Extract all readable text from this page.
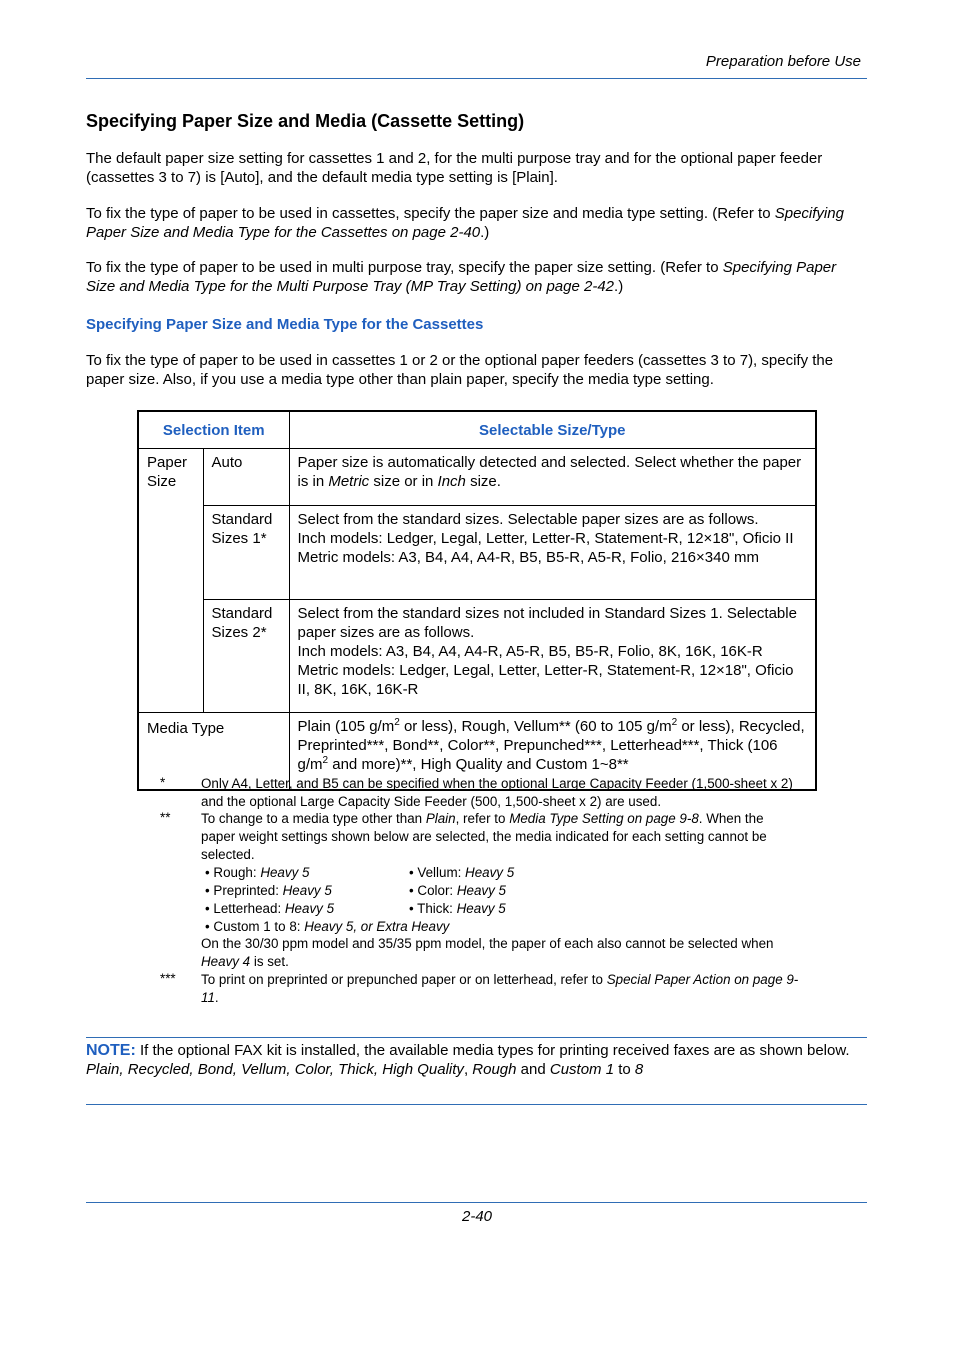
Preparation before Use
Specifying Paper Size and Media (Cassette Setting)
The default paper size setting for cassettes 1 and 2, for the multi purpose tray and for the optional paper feeder (cassettes 3 to 7) is [Auto], and the default media type setting is [Plain].
To fix the type of paper to be used in cassettes, specify the paper size and media type setting. (Refer to Specifying Paper Size and Media Type for the Cassettes on page 2-40.)
To fix the type of paper to be used in multi purpose tray, specify the paper size setting. (Refer to Specifying Paper Size and Media Type for the Multi Purpose Tray (MP Tray Setting) on page 2-42.)
Specifying Paper Size and Media Type for the Cassettes
To fix the type of paper to be used in cassettes 1 or 2 or the optional paper feeders (cassettes 3 to 7), specify the paper size. Also, if you use a media type other than plain paper, specify the media type setting.
Selection Item		Selectable Size/Type
Paper Size	Auto	Paper size is automatically detected and selected. Select whether the paper is in Metric size or in Inch size.
	Standard Sizes 1*	Select from the standard sizes. Selectable paper sizes are as follows.
Inch models: Ledger, Legal, Letter, Letter-R, Statement-R, 12×18", Oficio II
Metric models: A3, B4, A4, A4-R, B5, B5-R, A5-R, Folio, 216×340 mm

	Standard Sizes 2*	Select from the standard sizes not included in Standard Sizes 1. Selectable paper sizes are as follows.
Inch models: A3, B4, A4, A4-R, A5-R, B5, B5-R, Folio, 8K, 16K, 16K-R
Metric models: Ledger, Legal, Letter, Letter-R, Statement-R, 12×18", Oficio II, 8K, 16K, 16K-R

Media Type		Plain (105 $g/m^2$ or less), Rough, Vellum** (60 to 105 $g/m^2$ or less), Recycled, Preprinted***, Bond**, Color**, Prepunched***, Letterhead***, Thick (106 $g/m^2$ and more)**, High Quality and Custom 1~8**
*	Only A4, Letter, and B5 can be specified when the optional Large Capacity Feeder (1,500-sheet x 2) and the optional Large Capacity Side Feeder (500, 1,500-sheet x 2) are used.
** To change to a media type other than Plain, refer to Media Type Setting on page 9-8. When the paper weight settings shown below are selected, the media indicated for each setting cannot be selected.
• Rough: Heavy 5	• Vellum: Heavy 5
• Preprinted: Heavy 5	• Color: Heavy 5
• Letterhead: Heavy 5	• Thick: Heavy 5
• Custom 1 to 8: Heavy 5, or Extra Heavy
On the 30/30 ppm model and 35/35 ppm model, the paper of each also cannot be selected when Heavy 4 is set.
*** To print on preprinted or prepunched paper or on letterhead, refer to Special Paper Action on page 9-11.
NOTE: If the optional FAX kit is installed, the available media types for printing received faxes are as shown below.
Plain, Recycled, Bond, Vellum, Color, Thick, High Quality, Rough and Custom 1 to 8
2-40
